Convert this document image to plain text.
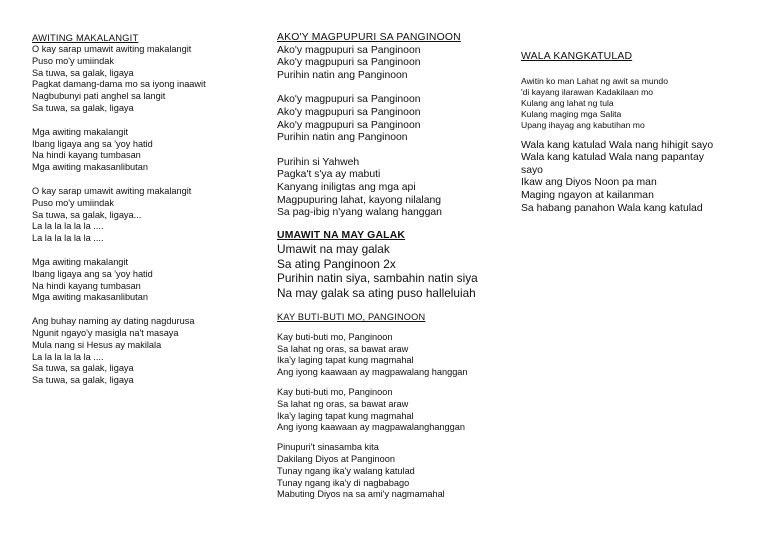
AWITING MAKALANGIT
O kay sarap umawit awiting makalangit
Puso mo'y umiindak
Sa tuwa, sa galak, ligaya
Pagkat damang-dama mo sa iyong inaawit
Nagbubunyi pati anghel sa langit
Sa tuwa, sa galak, ligaya
Mga awiting makalangit
Ibang ligaya ang sa 'yoy hatid
Na hindi kayang tumbasan
Mga awiting makasanlibutan
O kay sarap umawit awiting makalangit
Puso mo'y umiindak
Sa tuwa, sa galak, ligaya...
La la la la la la ....
La la la la la la ....
Mga awiting makalangit
Ibang ligaya ang sa 'yoy hatid
Na hindi kayang tumbasan
Mga awiting makasanlibutan
Ang buhay naming ay dating nagdurusa
Ngunit ngayo'y masigla na't masaya
Mula nang si Hesus ay makilala
La la la la la la ....
Sa tuwa, sa galak, ligaya
Sa tuwa, sa galak, ligaya
AKO'Y MAGPUPURI SA PANGINOON
Ako'y magpupuri sa Panginoon
Ako'y magpupuri sa Panginoon
Purihin natin ang Panginoon
Ako'y magpupuri sa Panginoon
Ako'y magpupuri sa Panginoon
Ako'y magpupuri sa Panginoon
Purihin natin ang Panginoon
Purihin si Yahweh
Pagka't s'ya ay mabuti
Kanyang iniligtas ang mga api
Magpupuring lahat, kayong nilalang
Sa pag-ibig n'yang walang hanggan
UMAWIT NA MAY GALAK
Umawit na may galak
Sa ating Panginoon 2x
Purihin natin siya, sambahin natin siya
Na may galak sa ating puso halleluiah
KAY BUTI-BUTI MO, PANGINOON
Kay buti-buti mo, Panginoon
Sa lahat ng oras, sa bawat araw
Ika'y laging tapat kung magmahal
Ang iyong kaawaan ay magpawalang hanggan
Kay buti-buti mo, Panginoon
Sa lahat ng oras, sa bawat araw
Ika'y laging tapat kung magmahal
Ang iyong kaawaan ay magpawalanghanggan
Pinupuri't sinasamba kita
Dakilang Diyos at Panginoon
Tunay ngang ika'y walang katulad
Tunay ngang ika'y di nagbabago
Mabuting Diyos na sa ami'y nagmamahal
WALA KANGKATULAD
Awitin ko man Lahat ng awit sa mundo
'di kayang ilarawan Kadakilaan mo
Kulang ang lahat ng tula
Kulang maging mga Salita
Upang ihayag ang kabutihan mo
Wala kang katulad Wala nang hihigit sayo
Wala kang katulad Wala nang papantay
sayo
Ikaw ang Diyos Noon pa man
Maging ngayon at kailanman
Sa habang panahon Wala kang katulad
